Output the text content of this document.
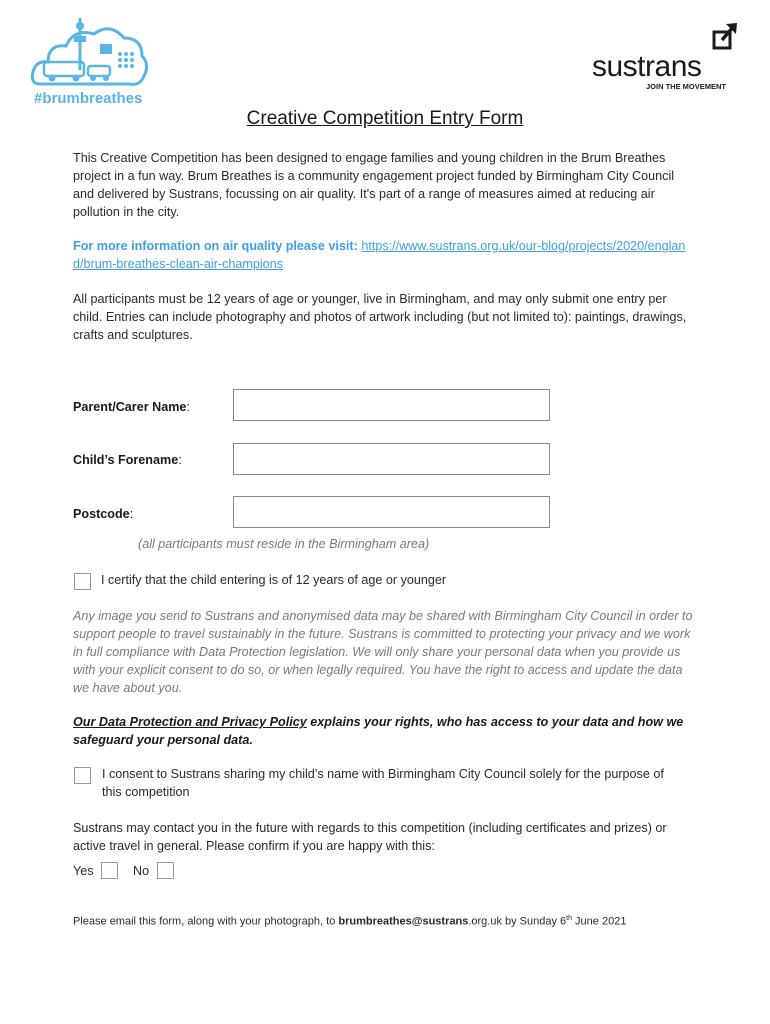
#brumbreathes
sustrans
JOIN THE MOVEMENT
Creative Competition Entry Form
This Creative Competition has been designed to engage families and young children in the Brum Breathes project in a fun way. Brum Breathes is a community engagement project funded by Birmingham City Council and delivered by Sustrans, focussing on air quality. It's part of a range of measures aimed at reducing air pollution in the city.
For more information on air quality please visit: https://www.sustrans.org.uk/our-blog/projects/2020/england/brum-breathes-clean-air-champions
All participants must be 12 years of age or younger, live in Birmingham, and may only submit one entry per child. Entries can include photography and photos of artwork including (but not limited to): paintings, drawings, crafts and sculptures.
Parent/Carer Name:
Child’s Forename:
Postcode:
(all participants must reside in the Birmingham area)
I certify that the child entering is of 12 years of age or younger
Any image you send to Sustrans and anonymised data may be shared with Birmingham City Council in order to support people to travel sustainably in the future. Sustrans is committed to protecting your privacy and we work in full compliance with Data Protection legislation. We will only share your personal data when you provide us with your explicit consent to do so, or when legally required. You have the right to access and update the data we have about you.
Our Data Protection and Privacy Policy explains your rights, who has access to your data and how we safeguard your personal data.
I consent to Sustrans sharing my child’s name with Birmingham City Council solely for the purpose of this competition
Sustrans may contact you in the future with regards to this competition (including certificates and prizes) or active travel in general. Please confirm if you are happy with this:
Yes	No
Please email this form, along with your photograph, to brumbreathes@sustrans.org.uk by Sunday 6th June 2021
